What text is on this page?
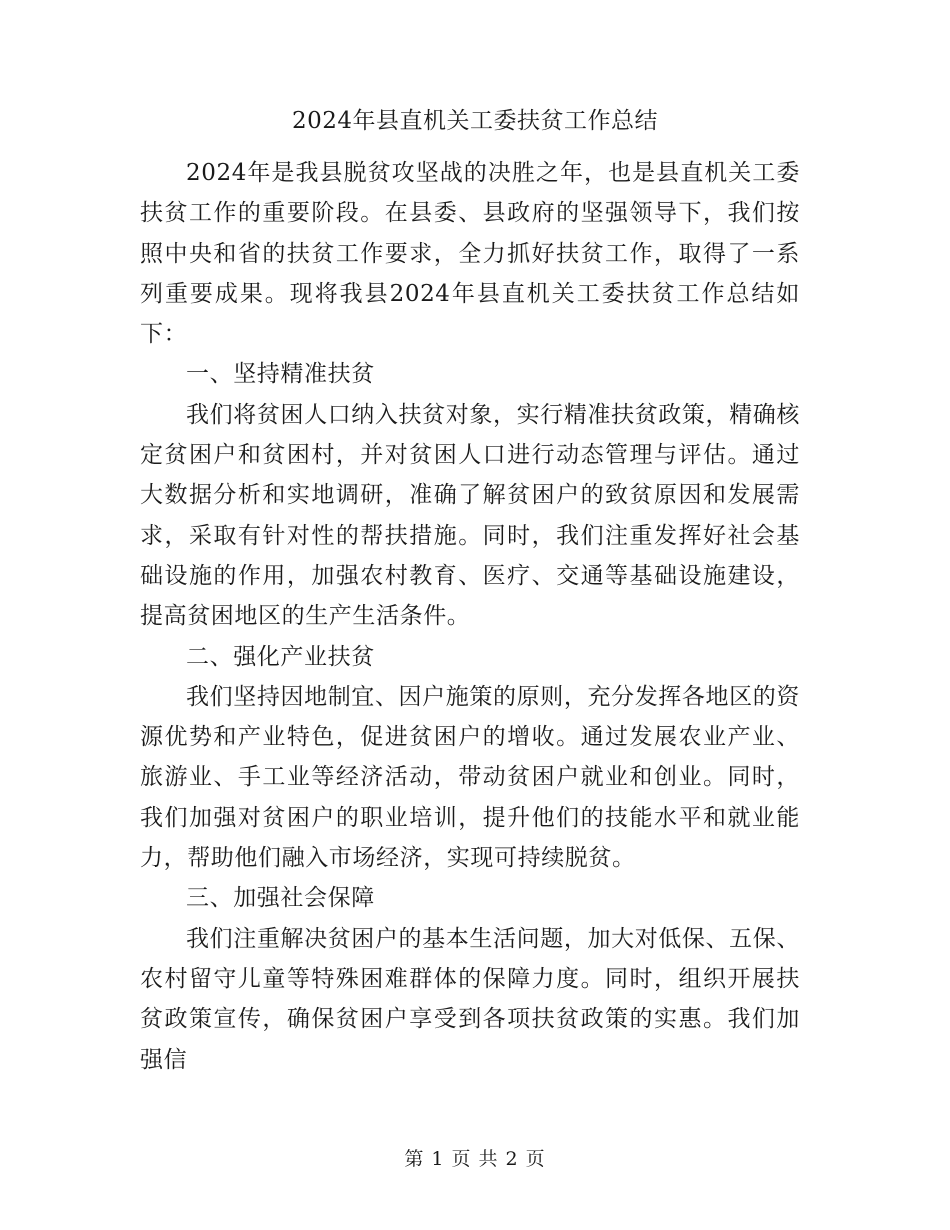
2024年县直机关工委扶贫工作总结

2024年是我县脱贫攻坚战的决胜之年，也是县直机关工委扶贫工作的重要阶段。在县委、县政府的坚强领导下，我们按照中央和省的扶贫工作要求，全力抓好扶贫工作，取得了一系列重要成果。现将我县2024年县直机关工委扶贫工作总结如下：

一、坚持精准扶贫

我们将贫困人口纳入扶贫对象，实行精准扶贫政策，精确核定贫困户和贫困村，并对贫困人口进行动态管理与评估。通过大数据分析和实地调研，准确了解贫困户的致贫原因和发展需求，采取有针对性的帮扶措施。同时，我们注重发挥好社会基础设施的作用，加强农村教育、医疗、交通等基础设施建设，提高贫困地区的生产生活条件。

二、强化产业扶贫

我们坚持因地制宜、因户施策的原则，充分发挥各地区的资源优势和产业特色，促进贫困户的增收。通过发展农业产业、旅游业、手工业等经济活动，带动贫困户就业和创业。同时，我们加强对贫困户的职业培训，提升他们的技能水平和就业能力，帮助他们融入市场经济，实现可持续脱贫。

三、加强社会保障

我们注重解决贫困户的基本生活问题，加大对低保、五保、农村留守儿童等特殊困难群体的保障力度。同时，组织开展扶贫政策宣传，确保贫困户享受到各项扶贫政策的实惠。我们加强信

第 1 页 共 2 页
